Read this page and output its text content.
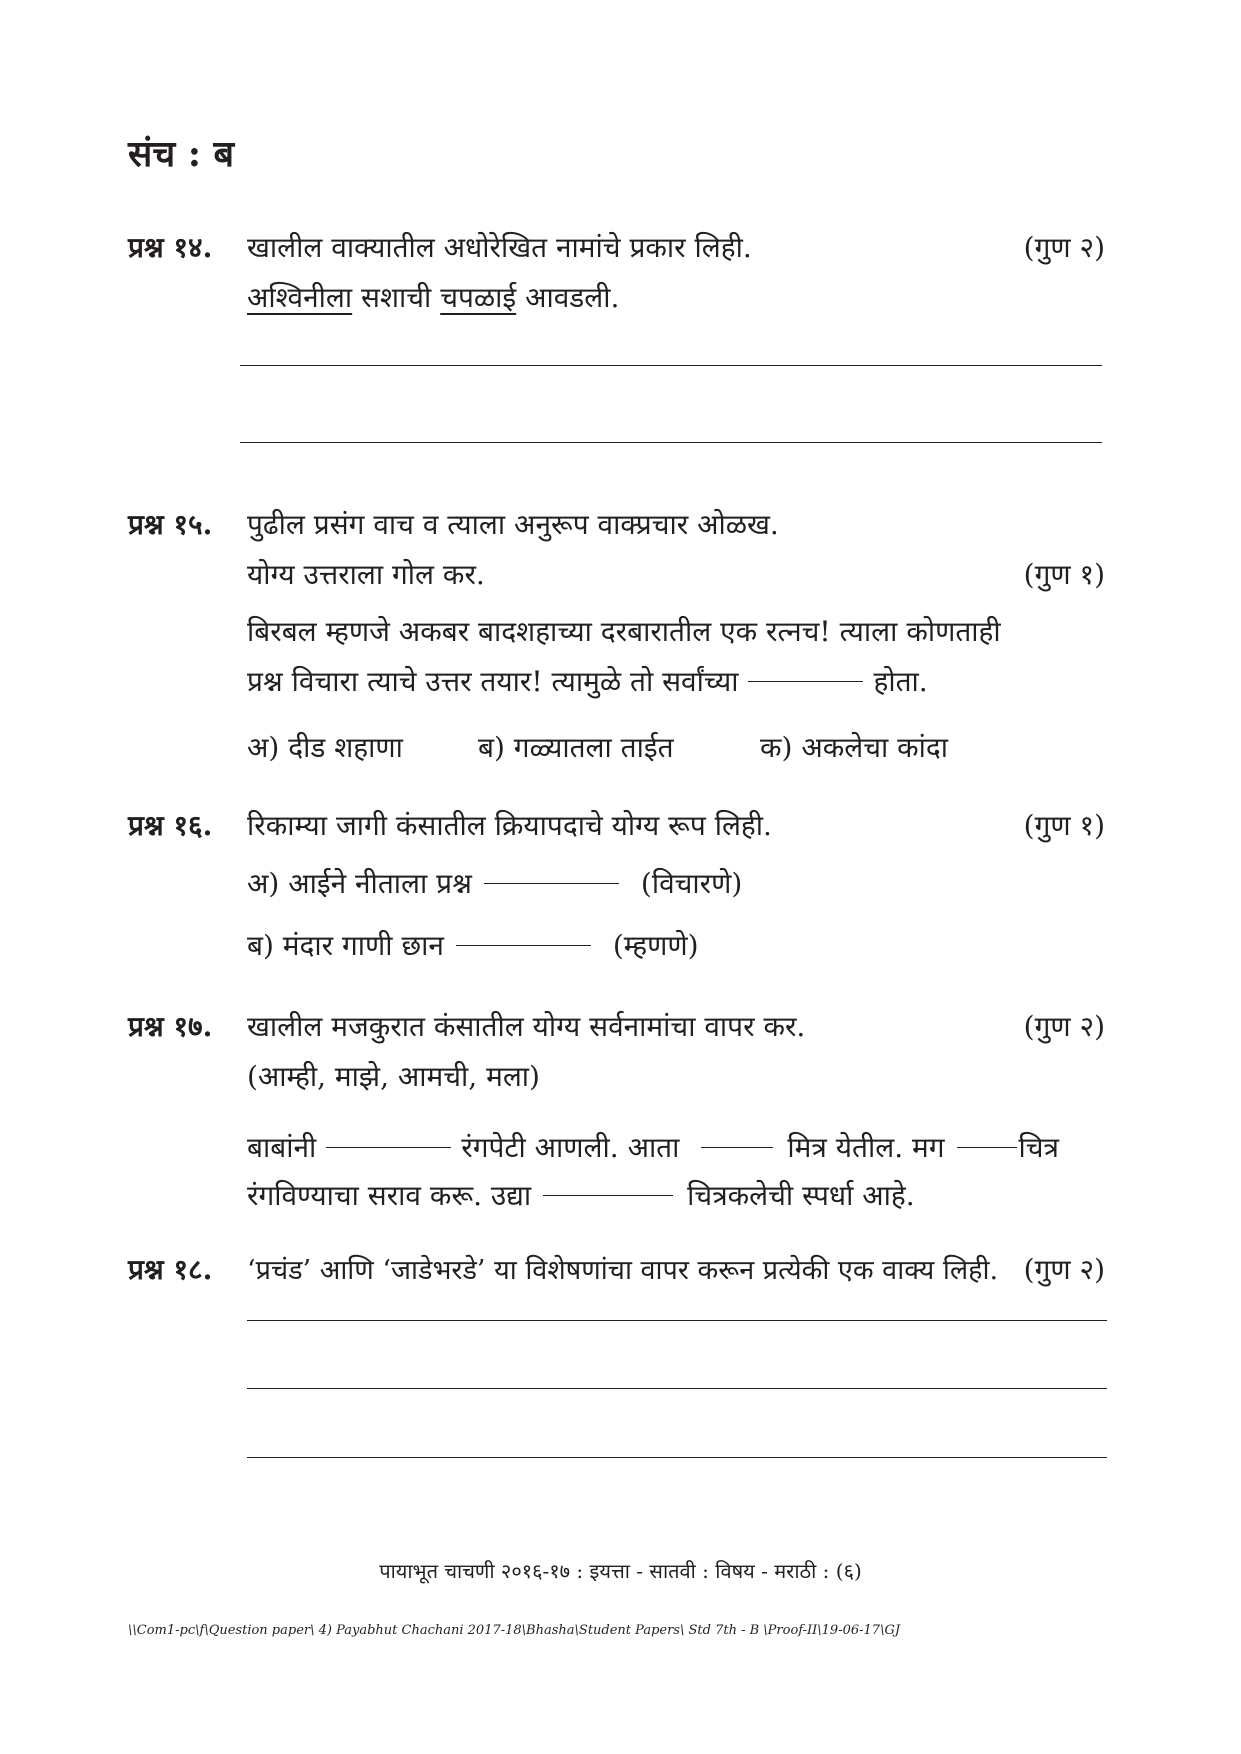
संच : ब
प्रश्न १४. खालील वाक्यातील अधोरेखित नामांचे प्रकार लिही.	(गुण २)
अश्विनीला सशाची चपळाई आवडली.
प्रश्न १५. पुढील प्रसंग वाच व त्याला अनुरूप वाक्प्रचार ओळख.
योग्य उत्तराला गोल कर.	(गुण १)
बिरबल म्हणजे अकबर बादशहाच्या दरबारातील एक रत्नच! त्याला कोणताही
प्रश्न विचारा त्याचे उत्तर तयार! त्यामुळे तो सर्वांच्या	होता.
अ) दीड शहाणा	ब) गळ्यातला ताईत	क) अकलेचा कांदा
प्रश्न १६. रिकाम्या जागी कंसातील क्रियापदाचे योग्य रूप लिही.	(गुण १)
अ) आईने नीताला प्रश्न	(विचारणे)
ब) मंदार गाणी छान	(म्हणणे)
प्रश्न १७. खालील मजकुरात कंसातील योग्य सर्वनामांचा वापर कर.	(गुण २)
(आम्ही, माझे, आमची, मला)
बाबांनी	रंगपेटी आणली. आता	मित्र येतील. मग	चित्र
रंगविण्याचा सराव करू. उद्या	चित्रकलेची स्पर्धा आहे.
प्रश्न १८. ‘प्रचंड’ आणि ‘जाडेभरडे’ या विशेषणांचा वापर करून प्रत्येकी एक वाक्य लिही. (गुण २)
पायाभूत चाचणी २०१६-१७ : इयत्ता - सातवी : विषय - मराठी : (६)
\\Com1-pc\f\Question paper\ 4) Payabhut Chachani 2017-18\Bhasha\Student Papers\ Std 7th - B \Proof-II\19-06-17\GJ
